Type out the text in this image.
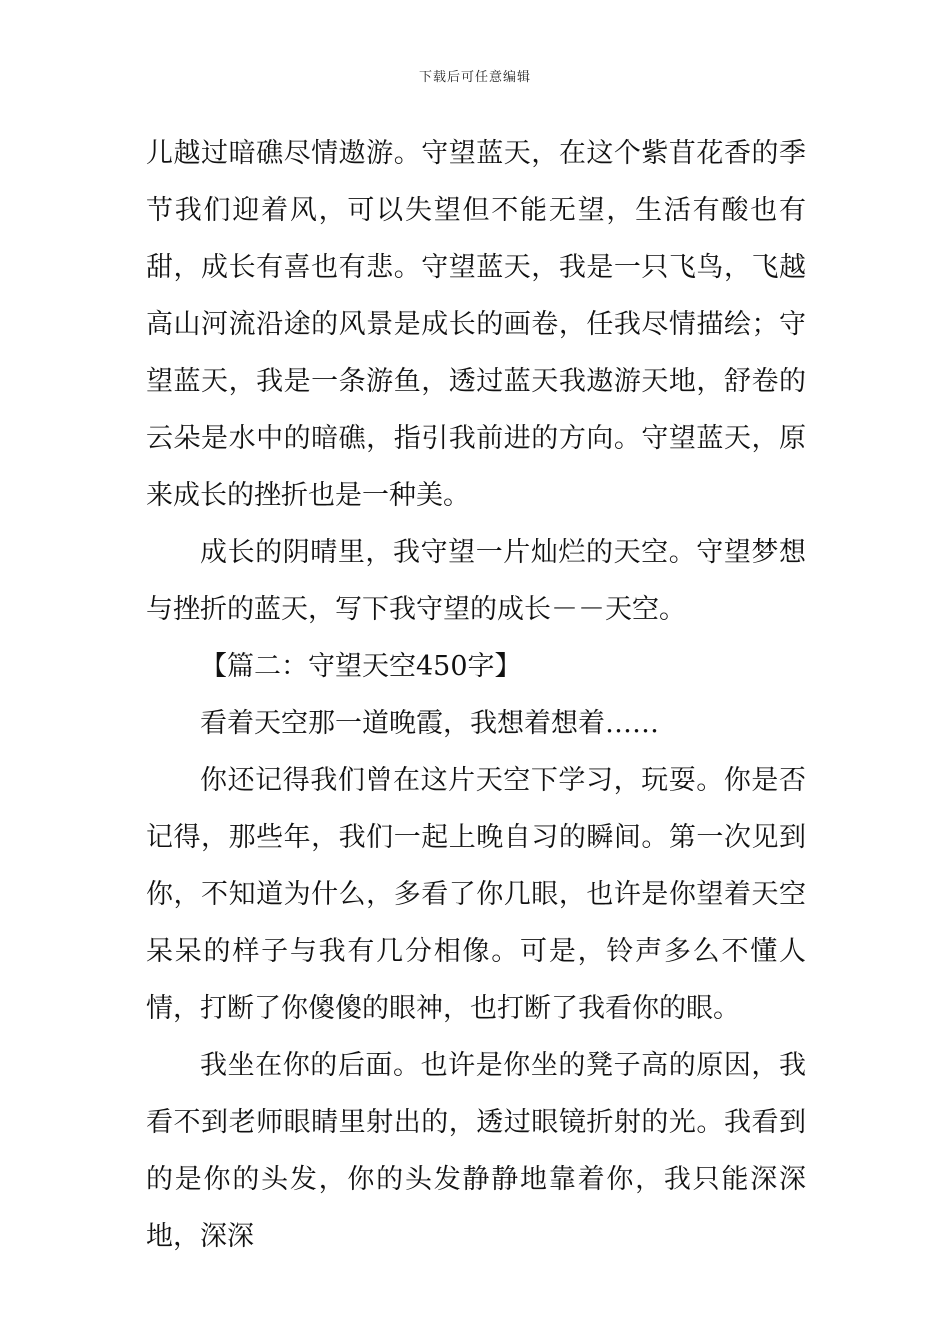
下载后可任意编辑

儿越过暗礁尽情遨游。守望蓝天，在这个紫苜花香的季节我们迎着风，可以失望但不能无望，生活有酸也有甜，成长有喜也有悲。守望蓝天，我是一只飞鸟，飞越高山河流沿途的风景是成长的画卷，任我尽情描绘；守望蓝天，我是一条游鱼，透过蓝天我遨游天地，舒卷的云朵是水中的暗礁，指引我前进的方向。守望蓝天，原来成长的挫折也是一种美。

成长的阴晴里，我守望一片灿烂的天空。守望梦想与挫折的蓝天，写下我守望的成长－－天空。

【篇二：守望天空450字】

看着天空那一道晚霞，我想着想着……

你还记得我们曾在这片天空下学习，玩耍。你是否记得，那些年，我们一起上晚自习的瞬间。第一次见到你，不知道为什么，多看了你几眼，也许是你望着天空呆呆的样子与我有几分相像。可是，铃声多么不懂人情，打断了你傻傻的眼神，也打断了我看你的眼。

我坐在你的后面。也许是你坐的凳子高的原因，我看不到老师眼睛里射出的，透过眼镜折射的光。我看到的是你的头发，你的头发静静地靠着你，我只能深深地，深深
